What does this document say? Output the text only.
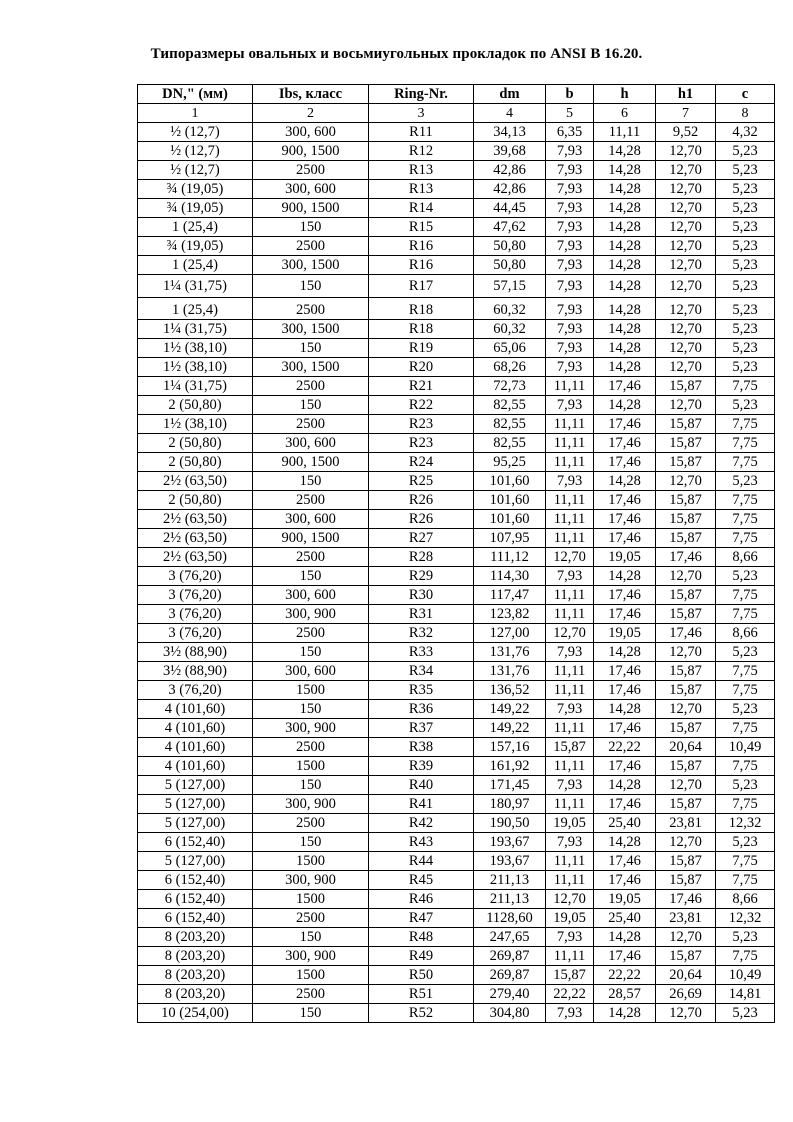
Типоразмеры овальных и восьмиугольных прокладок по ANSI B 16.20.
DN," (мм)	Ibs, класс	Ring-Nr.	dm	b	h	h1	c
1	2	3	4	5	6	7	8
½ (12,7)	300, 600	R11	34,13	6,35	11,11	9,52	4,32
½ (12,7)	900, 1500	R12	39,68	7,93	14,28	12,70	5,23
½ (12,7)	2500	R13	42,86	7,93	14,28	12,70	5,23
¾ (19,05)	300, 600	R13	42,86	7,93	14,28	12,70	5,23
¾ (19,05)	900, 1500	R14	44,45	7,93	14,28	12,70	5,23
1 (25,4)	150	R15	47,62	7,93	14,28	12,70	5,23
¾ (19,05)	2500	R16	50,80	7,93	14,28	12,70	5,23
1 (25,4)	300, 1500	R16	50,80	7,93	14,28	12,70	5,23
1¼ (31,75)	150	R17	57,15	7,93	14,28	12,70	5,23
1 (25,4)	2500	R18	60,32	7,93	14,28	12,70	5,23
1¼ (31,75)	300, 1500	R18	60,32	7,93	14,28	12,70	5,23
1½ (38,10)	150	R19	65,06	7,93	14,28	12,70	5,23
1½ (38,10)	300, 1500	R20	68,26	7,93	14,28	12,70	5,23
1¼ (31,75)	2500	R21	72,73	11,11	17,46	15,87	7,75
2 (50,80)	150	R22	82,55	7,93	14,28	12,70	5,23
1½ (38,10)	2500	R23	82,55	11,11	17,46	15,87	7,75
2 (50,80)	300, 600	R23	82,55	11,11	17,46	15,87	7,75
2 (50,80)	900, 1500	R24	95,25	11,11	17,46	15,87	7,75
2½ (63,50)	150	R25	101,60	7,93	14,28	12,70	5,23
2 (50,80)	2500	R26	101,60	11,11	17,46	15,87	7,75
2½ (63,50)	300, 600	R26	101,60	11,11	17,46	15,87	7,75
2½ (63,50)	900, 1500	R27	107,95	11,11	17,46	15,87	7,75
2½ (63,50)	2500	R28	111,12	12,70	19,05	17,46	8,66
3 (76,20)	150	R29	114,30	7,93	14,28	12,70	5,23
3 (76,20)	300, 600	R30	117,47	11,11	17,46	15,87	7,75
3 (76,20)	300, 900	R31	123,82	11,11	17,46	15,87	7,75
3 (76,20)	2500	R32	127,00	12,70	19,05	17,46	8,66
3½ (88,90)	150	R33	131,76	7,93	14,28	12,70	5,23
3½ (88,90)	300, 600	R34	131,76	11,11	17,46	15,87	7,75
3 (76,20)	1500	R35	136,52	11,11	17,46	15,87	7,75
4 (101,60)	150	R36	149,22	7,93	14,28	12,70	5,23
4 (101,60)	300, 900	R37	149,22	11,11	17,46	15,87	7,75
4 (101,60)	2500	R38	157,16	15,87	22,22	20,64	10,49
4 (101,60)	1500	R39	161,92	11,11	17,46	15,87	7,75
5 (127,00)	150	R40	171,45	7,93	14,28	12,70	5,23
5 (127,00)	300, 900	R41	180,97	11,11	17,46	15,87	7,75
5 (127,00)	2500	R42	190,50	19,05	25,40	23,81	12,32
6 (152,40)	150	R43	193,67	7,93	14,28	12,70	5,23
5 (127,00)	1500	R44	193,67	11,11	17,46	15,87	7,75
6 (152,40)	300, 900	R45	211,13	11,11	17,46	15,87	7,75
6 (152,40)	1500	R46	211,13	12,70	19,05	17,46	8,66
6 (152,40)	2500	R47	1128,60	19,05	25,40	23,81	12,32
8 (203,20)	150	R48	247,65	7,93	14,28	12,70	5,23
8 (203,20)	300, 900	R49	269,87	11,11	17,46	15,87	7,75
8 (203,20)	1500	R50	269,87	15,87	22,22	20,64	10,49
8 (203,20)	2500	R51	279,40	22,22	28,57	26,69	14,81
10 (254,00)	150	R52	304,80	7,93	14,28	12,70	5,23
